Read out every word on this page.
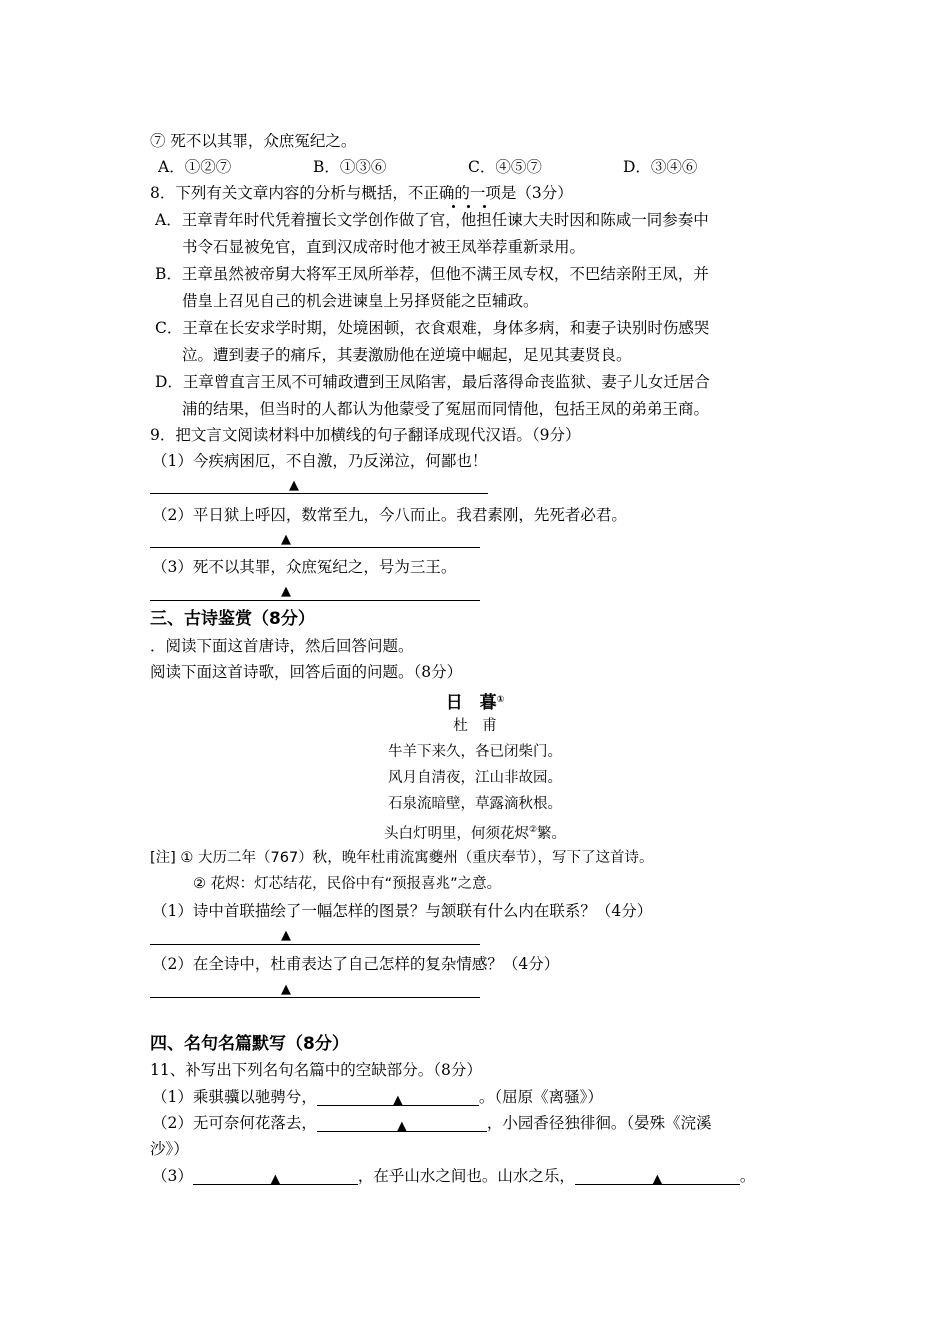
⑦ 死不以其罪，众庶冤纪之。
A．①②⑦	B．①③⑥	C．④⑤⑦	D．③④⑥
8．下列有关文章内容的分析与概括，不正确的一项是（3分）
A．王章青年时代凭着擅长文学创作做了官，他担任谏大夫时因和陈咸一同参奏中
书令石显被免官，直到汉成帝时他才被王凤举荐重新录用。
B．王章虽然被帝舅大将军王凤所举荐，但他不满王凤专权，不巴结亲附王凤，并
借皇上召见自己的机会进谏皇上另择贤能之臣辅政。
C．王章在长安求学时期，处境困顿，衣食艰难，身体多病，和妻子诀别时伤感哭
泣。遭到妻子的痛斥，其妻激励他在逆境中崛起，足见其妻贤良。
D．王章曾直言王凤不可辅政遭到王凤陷害，最后落得命丧监狱、妻子儿女迁居合
浦的结果，但当时的人都认为他蒙受了冤屈而同情他，包括王凤的弟弟王商。
9．把文言文阅读材料中加横线的句子翻译成现代汉语。（9分）
（1）今疾病困厄，不自激，乃反涕泣，何鄙也！
▲
（2）平日狱上呼囚，数常至九，今八而止。我君素刚，先死者必君。
▲
（3）死不以其罪，众庶冤纪之，号为三王。
▲
三、古诗鉴赏（8分）
．阅读下面这首唐诗，然后回答问题。
阅读下面这首诗歌，回答后面的问题。（8分）
日　暮①
杜　甫
牛羊下来久，各已闭柴门。
风月自清夜，江山非故园。
石泉流暗壁，草露滴秋根。
头白灯明里，何须花烬②繁。
[注] ① 大历二年（767）秋，晚年杜甫流寓夔州（重庆奉节），写下了这首诗。
② 花烬：灯芯结花，民俗中有“预报喜兆”之意。
（1）诗中首联描绘了一幅怎样的图景？与颔联有什么内在联系？（4分）
▲
（2）在全诗中，杜甫表达了自己怎样的复杂情感？（4分）
▲
四、名句名篇默写（8分）
11、补写出下列名句名篇中的空缺部分。（8分）
（1）乘骐骥以驰骋兮，	▲	。（屈原《离骚》）
（2）无可奈何花落去，	▲	，小园香径独徘徊。（晏殊《浣溪
沙》）
（3）	▲	，在乎山水之间也。山水之乐，	▲	。
